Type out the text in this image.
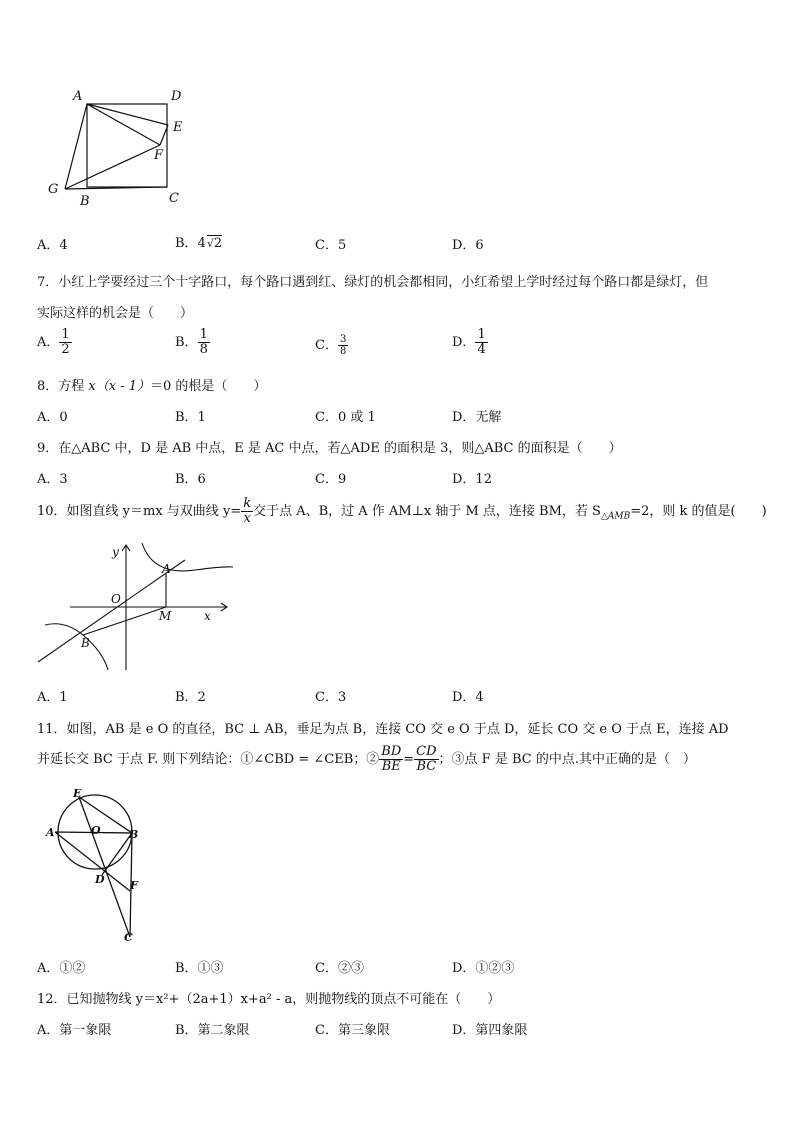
A	D
E
F
G
B	C
A．4	B．4√2	C．5	D．6
7．小红上学要经过三个十字路口，每个路口遇到红、绿灯的机会都相同，小红希望上学时经过每个路口都是绿灯，但
实际这样的机会是（　　）
A． $\frac{1}{2}$	B． $\frac{1}{8}$	C． $\frac{3}{8}$	D． $\frac{1}{4}$
8．方程 x（x - 1）＝0 的根是（　　）
A．0	B．1	C．0 或 1	D．无解
9．在△ABC 中，D 是 AB 中点，E 是 AC 中点，若△ADE 的面积是 3，则△ABC 的面积是（　　）
A．3	B．6	C．9	D．12
10．如图直线 y＝mx 与双曲线 $y= \frac{k}{x}$ 交于点 A、B，过 A 作 AM⊥x 轴于 M 点，连接 BM，若 $S_{\triangle AMB}=2$，则 k 的值是(　　)
y
x
O
A
B
M
A．1	B．2	C．3	D．4
11．如图，AB 是 e O 的直径，BC ⊥ AB，垂足为点 B，连接 CO 交 e O 于点 D，延长 CO 交 e O 于点 E，连接 AD
并延长交 BC 于点 F. 则下列结论：①∠CBD = ∠CEB；② $\frac{BD}{BE} = \frac{CD}{BC}$ ；③点 F 是 BC 的中点.其中正确的是（　）
E
A	O	B
D F
C
A．①②	B．①③	C．②③	D．①②③
12．已知抛物线 y＝x²+（2a+1）x+a² - a，则抛物线的顶点不可能在（　　）
A．第一象限	B．第二象限	C．第三象限	D．第四象限
